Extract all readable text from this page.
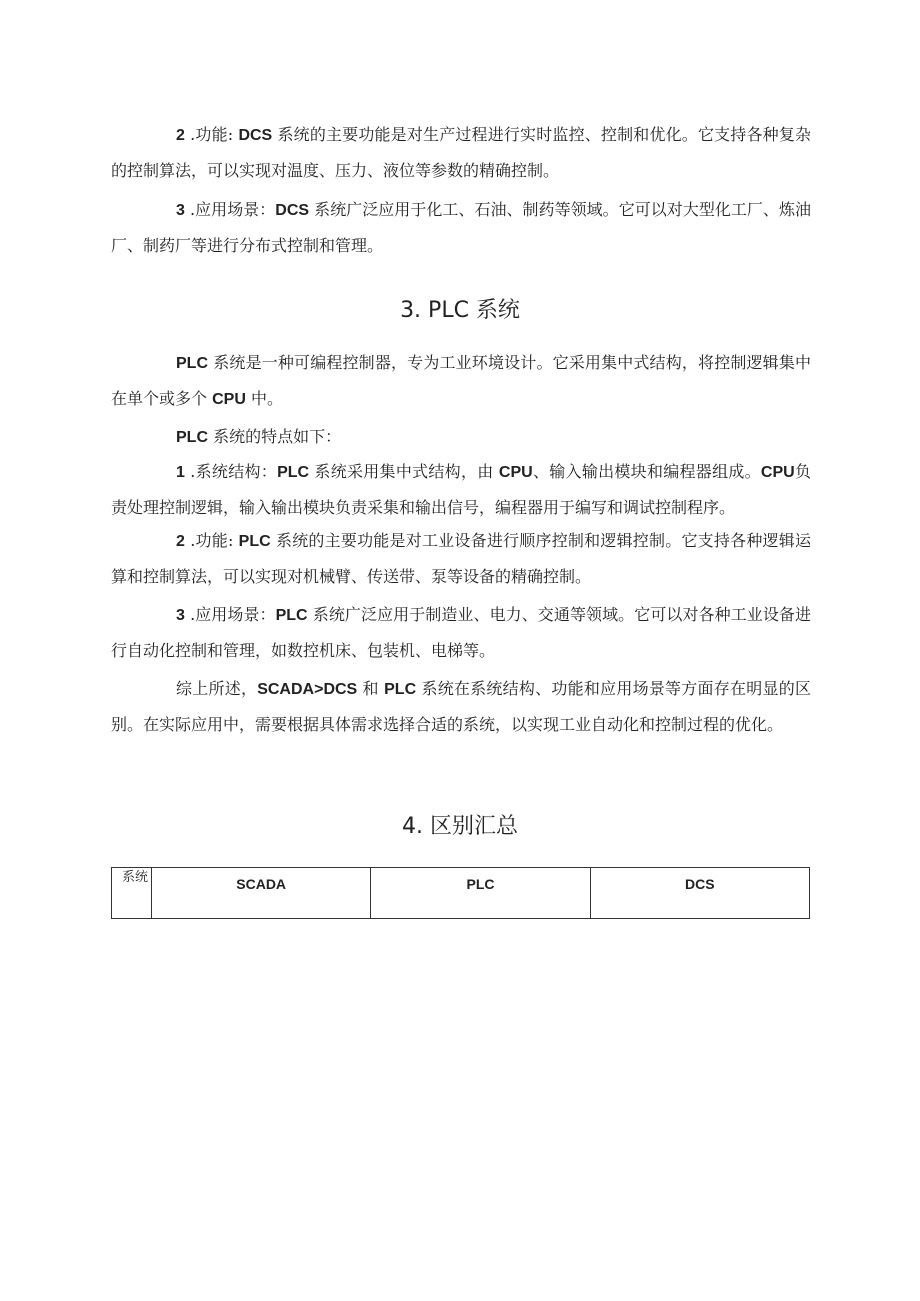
2 .功能: DCS 系统的主要功能是对生产过程进行实时监控、控制和优化。它支持各种复杂的控制算法，可以实现对温度、压力、液位等参数的精确控制。

3 .应用场景：DCS 系统广泛应用于化工、石油、制药等领域。它可以对大型化工厂、炼油厂、制药厂等进行分布式控制和管理。

3. PLC 系统

PLC 系统是一种可编程控制器，专为工业环境设计。它采用集中式结构，将控制逻辑集中在单个或多个 CPU 中。

PLC 系统的特点如下：

1 .系统结构：PLC 系统采用集中式结构，由 CPU、输入输出模块和编程器组成。CPU负责处理控制逻辑，输入输出模块负责采集和输出信号，编程器用于编写和调试控制程序。

2 .功能: PLC 系统的主要功能是对工业设备进行顺序控制和逻辑控制。它支持各种逻辑运算和控制算法，可以实现对机械臂、传送带、泵等设备的精确控制。

3 .应用场景：PLC 系统广泛应用于制造业、电力、交通等领域。它可以对各种工业设备进行自动化控制和管理，如数控机床、包装机、电梯等。

综上所述，SCADA>DCS 和 PLC 系统在系统结构、功能和应用场景等方面存在明显的区别。在实际应用中，需要根据具体需求选择合适的系统，以实现工业自动化和控制过程的优化。

4. 区别汇总
系统	SCADA	PLC	DCS
